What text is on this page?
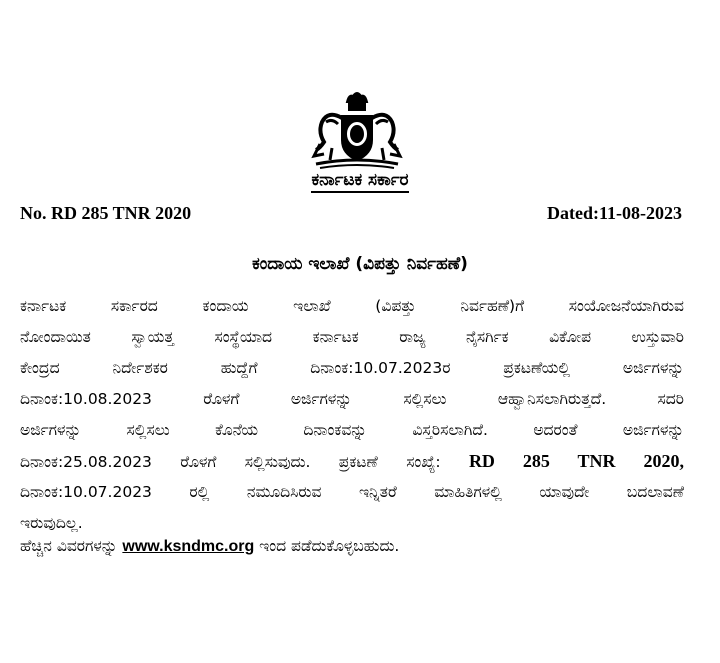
ಕರ್ನಾಟಕ ಸರ್ಕಾರ
No. RD 285 TNR 2020	Dated:11-08-2023
ಕಂದಾಯ ಇಲಾಖೆ (ವಿಪತ್ತು ನಿರ್ವಹಣೆ)
ಕರ್ನಾಟಕ ಸರ್ಕಾರದ ಕಂದಾಯ ಇಲಾಖೆ (ವಿಪತ್ತು ನಿರ್ವಹಣೆ)ಗೆ ಸಂಯೋಜನೆಯಾಗಿರುವ
ನೋಂದಾಯಿತ ಸ್ವಾಯತ್ತ ಸಂಸ್ಥೆಯಾದ ಕರ್ನಾಟಕ ರಾಜ್ಯ ನೈಸರ್ಗಿಕ ವಿಕೋಪ ಉಸ್ತುವಾರಿ
ಕೇಂದ್ರದ ನಿರ್ದೇಶಕರ ಹುದ್ದೆಗೆ ದಿನಾಂಕ:10.07.2023ರ ಪ್ರಕಟಣೆಯಲ್ಲಿ ಅರ್ಜಿಗಳನ್ನು
ದಿನಾಂಕ:10.08.2023 ರೊಳಗೆ ಅರ್ಜಿಗಳನ್ನು ಸಲ್ಲಿಸಲು ಆಹ್ವಾನಿಸಲಾಗಿರುತ್ತದೆ. ಸದರಿ
ಅರ್ಜಿಗಳನ್ನು ಸಲ್ಲಿಸಲು ಕೊನೆಯ ದಿನಾಂಕವನ್ನು ವಿಸ್ತರಿಸಲಾಗಿದೆ. ಅದರಂತೆ ಅರ್ಜಿಗಳನ್ನು
ದಿನಾಂಕ:25.08.2023 ರೊಳಗೆ ಸಲ್ಲಿಸುವುದು. ಪ್ರಕಟಣೆ ಸಂಖ್ಯೆ: RD 285 TNR 2020,
ದಿನಾಂಕ:10.07.2023 ರಲ್ಲಿ ನಮೂದಿಸಿರುವ ಇನ್ನಿತರೆ ಮಾಹಿತಿಗಳಲ್ಲಿ ಯಾವುದೇ ಬದಲಾವಣೆ
ಇರುವುದಿಲ್ಲ.
ಹೆಚ್ಚಿನ ವಿವರಗಳನ್ನು www.ksndmc.org ಇಂದ ಪಡೆದುಕೊಳ್ಳಬಹುದು.
